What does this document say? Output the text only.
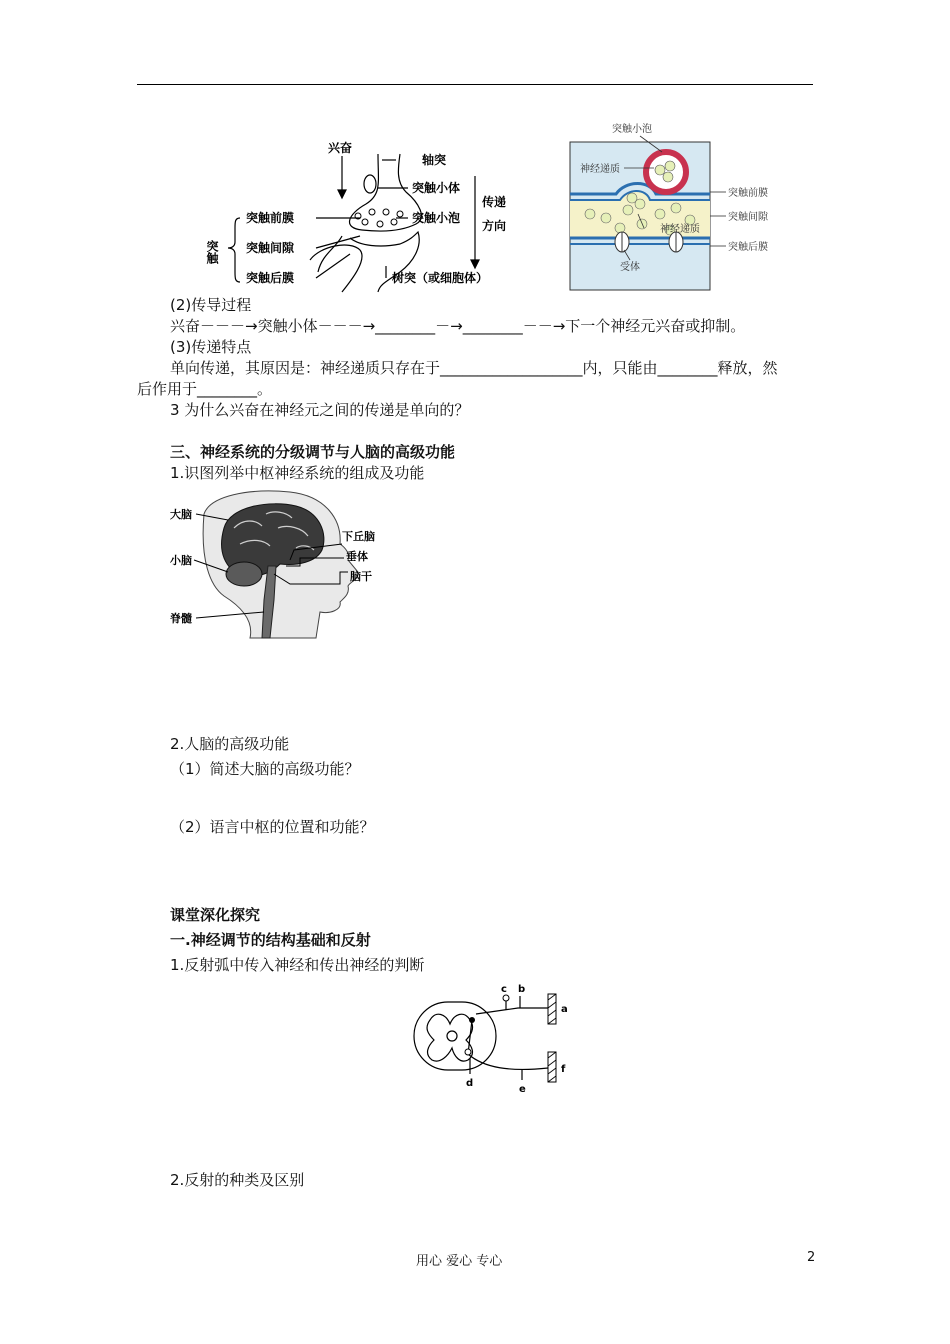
兴奋
轴突
突触小体
突触小泡
突触前膜
突触间隙
突触后膜
传递
方向
树突（或细胞体）
突触
突触小泡
神经递质
突触前膜
突触间隙
神经递质
突触后膜
受体
(2)传导过程
兴奋－－－→突触小体－－－→________－→________－－→下一个神经元兴奋或抑制。
(3)传递特点
单向传递，其原因是：神经递质只存在于___________________内，只能由________释放，然
后作用于________。
3 为什么兴奋在神经元之间的传递是单向的？
三、神经系统的分级调节与人脑的高级功能
1.识图列举中枢神经系统的组成及功能
大脑
下丘脑
垂体
小脑
脑干
脊髓
2.人脑的高级功能
（1）简述大脑的高级功能？
（2）语言中枢的位置和功能？
课堂深化探究
一.神经调节的结构基础和反射
1.反射弧中传入神经和传出神经的判断
a
b
c
d
e
f
2.反射的种类及区别
用心 爱心 专心	2
